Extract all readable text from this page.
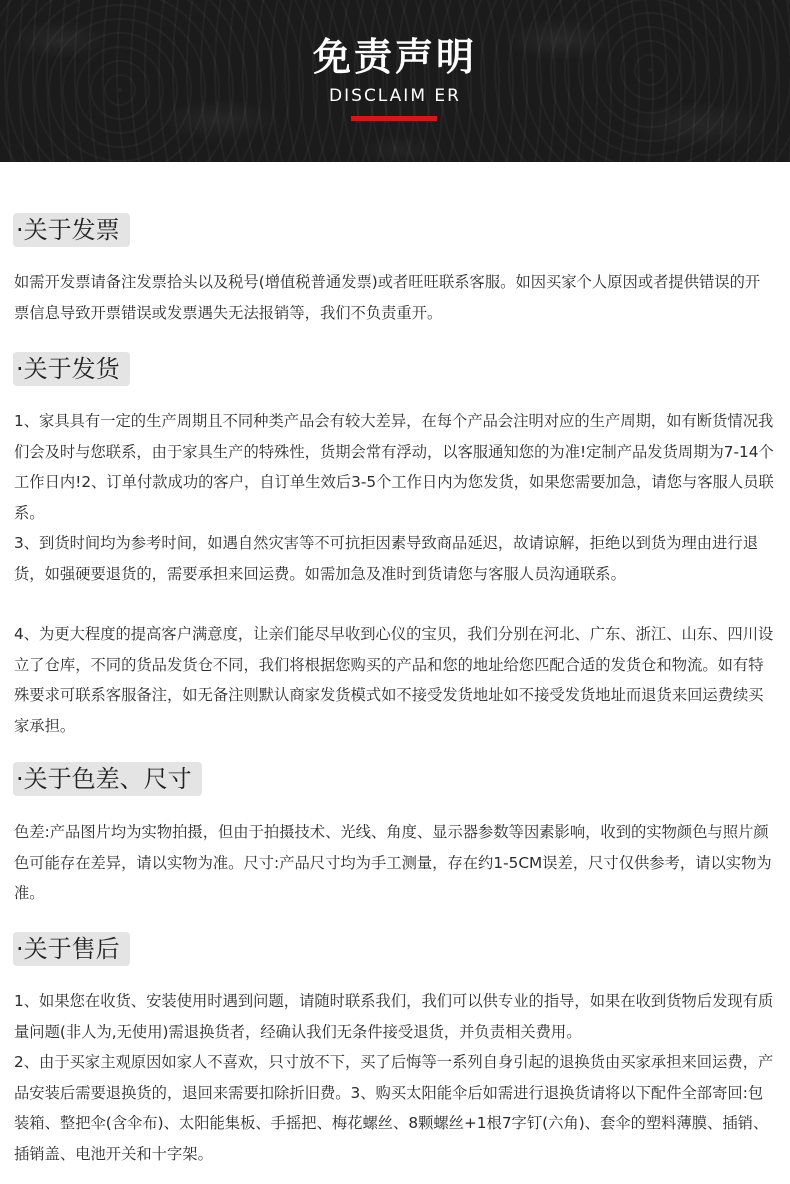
免责声明
DISCLAIM ER
·关于发票

如需开发票请备注发票拾头以及税号(增值税普通发票)或者旺旺联系客服。如因买家个人原因或者提供错误的开票信息导致开票错误或发票遇失无法报销等，我们不负责重开。

·关于发货

1、家具具有一定的生产周期且不同种类产品会有较大差异，在每个产品会注明对应的生产周期，如有断货情况我们会及时与您联系，由于家具生产的特殊性，货期会常有浮动，以客服通知您的为准!定制产品发货周期为7-14个工作日内!2、订单付款成功的客户，自订单生效后3-5个工作日内为您发货，如果您需要加急，请您与客服人员联系。

3、到货时间均为参考时间，如遇自然灾害等不可抗拒因素导致商品延迟，故请谅解，拒绝以到货为理由进行退货，如强硬要退货的，需要承担来回运费。如需加急及准时到货请您与客服人员沟通联系。

4、为更大程度的提高客户满意度，让亲们能尽早收到心仪的宝贝，我们分别在河北、广东、浙江、山东、四川设立了仓库，不同的货品发货仓不同，我们将根据您购买的产品和您的地址给您匹配合适的发货仓和物流。如有特殊要求可联系客服备注，如无备注则默认商家发货模式如不接受发货地址如不接受发货地址而退货来回运费续买家承担。

·关于色差、尺寸

色差:产品图片均为实物拍摄，但由于拍摄技术、光线、角度、显示器参数等因素影响，收到的实物颜色与照片颜色可能存在差异，请以实物为准。尺寸:产品尺寸均为手工测量，存在约1-5CM误差，尺寸仅供参考，请以实物为准。

·关于售后

1、如果您在收货、安装使用时遇到问题，请随时联系我们，我们可以供专业的指导，如果在收到货物后发现有质量问题(非人为,无使用)需退换货者，经确认我们无条件接受退货，并负责相关费用。

2、由于买家主观原因如家人不喜欢，只寸放不下，买了后悔等一系列自身引起的退换货由买家承担来回运费，产品安装后需要退换货的，退回来需要扣除折旧费。3、购买太阳能伞后如需进行退换货请将以下配件全部寄回:包装箱、整把伞(含伞布)、太阳能集板、手摇把、梅花螺丝、8颗螺丝+1根7字钉(六角)、套伞的塑料薄膜、插销、插销盖、电池开关和十字架。
